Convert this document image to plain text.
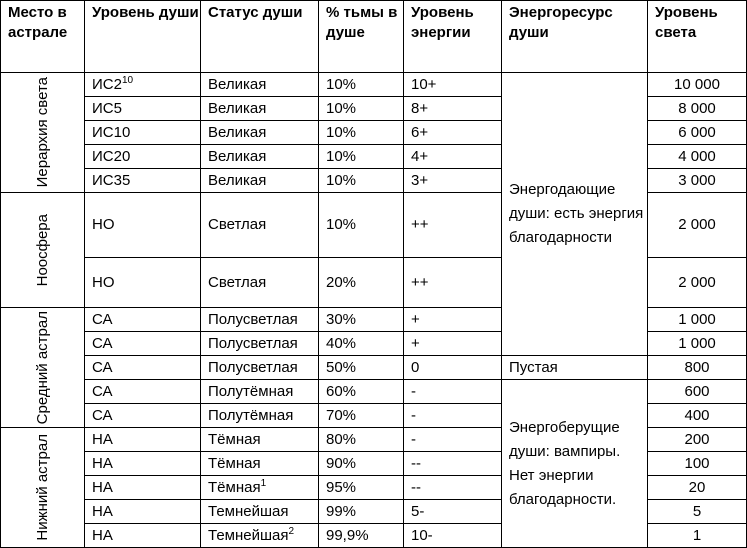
Место в астрале	Уровень души	Статус души	% тьмы в душе	Уровень энергии	Энергоресурс души	Уровень света

Иерархия света	$ИС2^{10}$	Великая	10%	10+	Энергодающие души: есть энергия благодарности	10 000
	ИС5	Великая	10%	8+		8 000
	ИС10	Великая	10%	6+		6 000
	ИС20	Великая	10%	4+		4 000
	ИС35	Великая	10%	3+		3 000

Ноосфера	НО	Светлая	10%	++		2 000
	НО	Светлая	20%	++		2 000

Средний астрал	СА	Полусветлая	30%	+		1 000
	СА	Полусветлая	40%	+		1 000
	СА	Полусветлая	50%	0	Пустая	800
	СА	Полутёмная	60%	-	Энергоберущие души: вампиры. Нет энергии благодарности.	600
	СА	Полутёмная	70%	-		400

Нижний астрал	НА	Тёмная	80%	-		200
	НА	Тёмная	90%	--		100
	НА	Тёмная$^1$	95%	--		20
	НА	Темнейшая	99%	5-		5
	НА	Темнейшая$^2$	99,9%	10-		1
